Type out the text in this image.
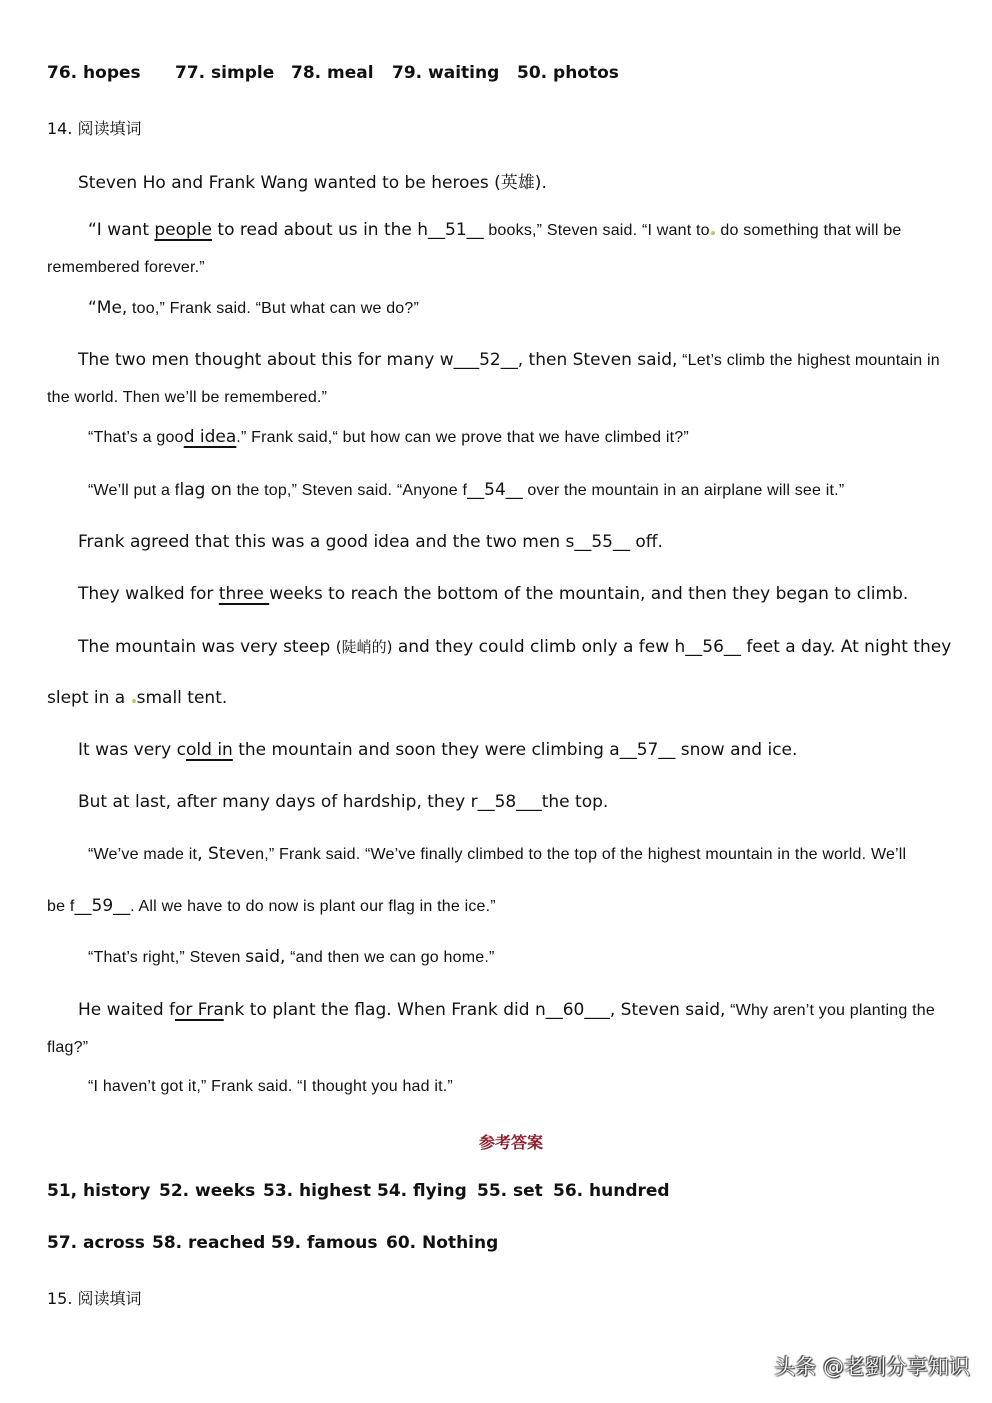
76. hopes 77. simple 78. meal 79. waiting 50. photos
14. 阅读填词
Steven Ho and Frank Wang wanted to be heroes (英雄).
“I want people to read about us in the h__51__ books,” Steven said. “I want to do something that will be
remembered forever.”
“Me, too,” Frank said. “But what can we do?”
The two men thought about this for many w___52__, then Steven said, “Let’s climb the highest mountain in
the world. Then we’ll be remembered.”
“That’s a good idea.” Frank said,“ but how can we prove that we have climbed it?”
“We’ll put a flag on the top,” Steven said. “Anyone f__54__ over the mountain in an airplane will see it.”
Frank agreed that this was a good idea and the two men s__55__ off.
They walked for three weeks to reach the bottom of the mountain, and then they began to climb.
The mountain was very steep (陡峭的) and they could climb only a few h__56__ feet a day. At night they
slept in a small tent.
It was very cold in the mountain and soon they were climbing a__57__ snow and ice.
But at last, after many days of hardship, they r__58___the top.
“We’ve made it, Steven,” Frank said. “We’ve finally climbed to the top of the highest mountain in the world. We’ll
be f__59__. All we have to do now is plant our flag in the ice.”
“That’s right,” Steven said, “and then we can go home.”
He waited for Frank to plant the flag. When Frank did n__60___, Steven said, “Why aren’t you planting the
flag?”
“I haven’t got it,” Frank said. “I thought you had it.”
参考答案
51, history 52. weeks 53. highest 54. flying 55. set 56. hundred
57. across 58. reached 59. famous 60. Nothing
15. 阅读填词
头条 @老劉分享知识
